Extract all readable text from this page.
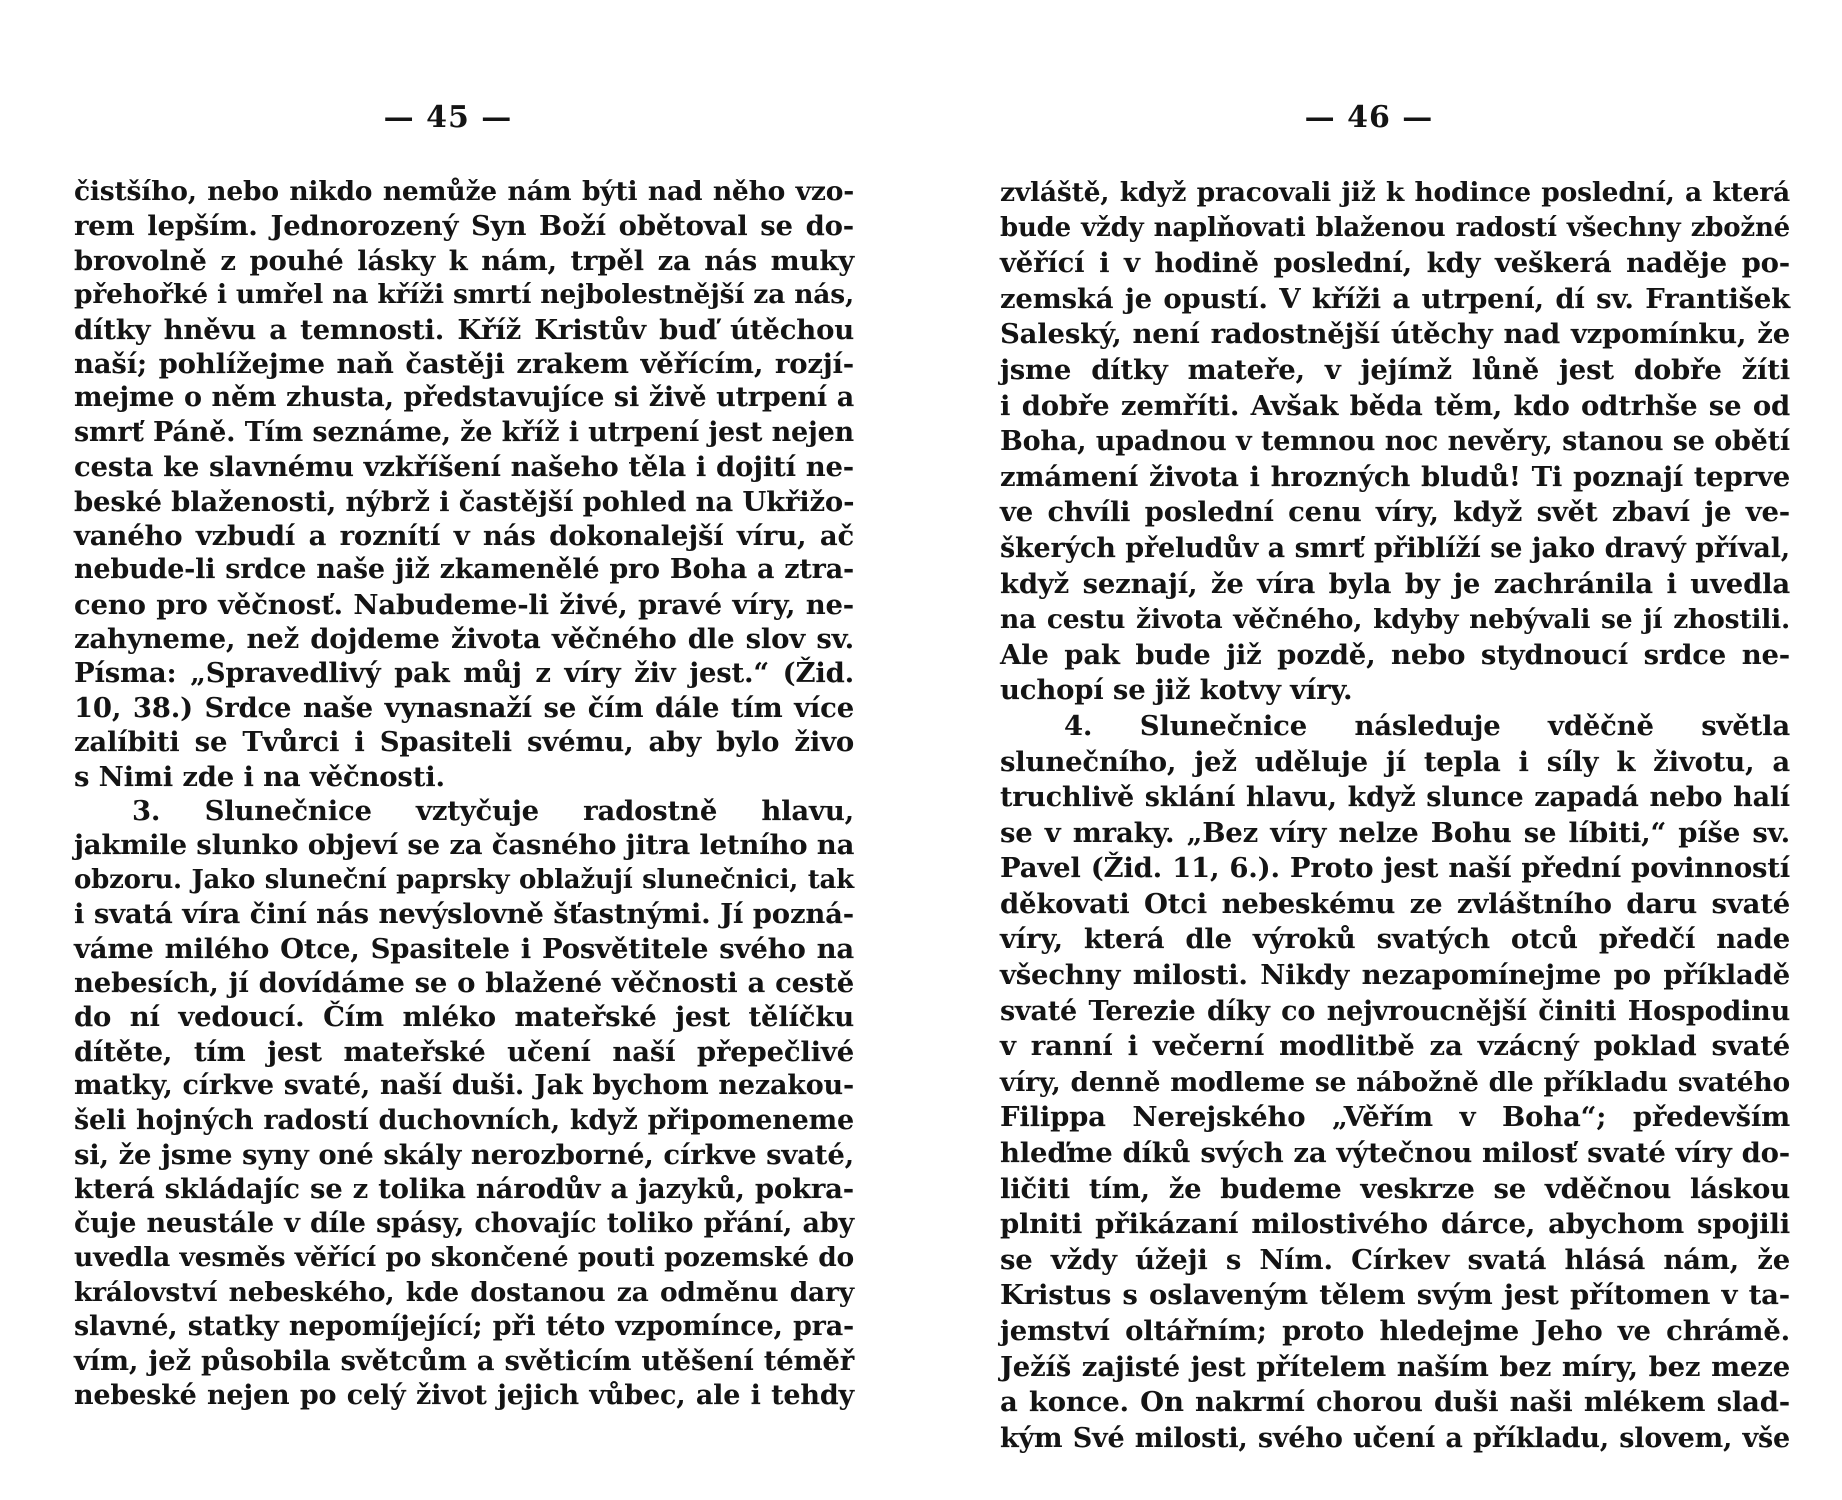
— 45 —
čistšího, nebo nikdo nemůže nám býti nad něho vzo-
rem lepším. Jednorozený Syn Boží obětoval se do-
brovolně z pouhé lásky k nám, trpěl za nás muky
přehořké i umřel na kříži smrtí nejbolestnější za nás,
dítky hněvu a temnosti. Kříž Kristův buď útěchou
naší; pohlížejme naň častěji zrakem věřícím, rozjí-
mejme o něm zhusta, představujíce si živě utrpení a
smrť Páně. Tím seznáme, že kříž i utrpení jest nejen
cesta ke slavnému vzkříšení našeho těla i dojití ne-
beské blaženosti, nýbrž i častější pohled na Ukřižo-
vaného vzbudí a roznítí v nás dokonalejší víru, ač
nebude-li srdce naše již zkamenělé pro Boha a ztra-
ceno pro věčnosť. Nabudeme-li živé, pravé víry, ne-
zahyneme, než dojdeme života věčného dle slov sv.
Písma: „Spravedlivý pak můj z víry živ jest.“ (Žid.
10, 38.) Srdce naše vynasnaží se čím dále tím více
zalíbiti se Tvůrci i Spasiteli svému, aby bylo živo
s Nimi zde i na věčnosti.
3. Slunečnice vztyčuje radostně hlavu,
jakmile slunko objeví se za časného jitra letního na
obzoru. Jako sluneční paprsky oblažují slunečnici, tak
i svatá víra činí nás nevýslovně šťastnými. Jí pozná-
váme milého Otce, Spasitele i Posvětitele svého na
nebesích, jí dovídáme se o blažené věčnosti a cestě
do ní vedoucí. Čím mléko mateřské jest tělíčku
dítěte, tím jest mateřské učení naší přepečlivé
matky, církve svaté, naší duši. Jak bychom nezakou-
šeli hojných radostí duchovních, když připomeneme
si, že jsme syny oné skály nerozborné, církve svaté,
která skládajíc se z tolika národův a jazyků, pokra-
čuje neustále v díle spásy, chovajíc toliko přání, aby
uvedla vesměs věřící po skončené pouti pozemské do
království nebeského, kde dostanou za odměnu dary
slavné, statky nepomíjející; při této vzpomínce, pra-
vím, jež působila světcům a světicím utěšení téměř
nebeské nejen po celý život jejich vůbec, ale i tehdy
— 46 —
zvláště, když pracovali již k hodince poslední, a která
bude vždy naplňovati blaženou radostí všechny zbožné
věřící i v hodině poslední, kdy veškerá naděje po-
zemská je opustí. V kříži a utrpení, dí sv. František
Saleský, není radostnější útěchy nad vzpomínku, že
jsme dítky mateře, v jejímž lůně jest dobře žíti
i dobře zemříti. Avšak běda těm, kdo odtrhše se od
Boha, upadnou v temnou noc nevěry, stanou se obětí
zmámení života i hrozných bludů! Ti poznají teprve
ve chvíli poslední cenu víry, když svět zbaví je ve-
škerých přeludův a smrť přiblíží se jako dravý příval,
když seznají, že víra byla by je zachránila i uvedla
na cestu života věčného, kdyby nebývali se jí zhostili.
Ale pak bude již pozdě, nebo stydnoucí srdce ne-
uchopí se již kotvy víry.
4. Slunečnice následuje vděčně světla
slunečního, jež uděluje jí tepla i síly k životu, a
truchlivě sklání hlavu, když slunce zapadá nebo halí
se v mraky. „Bez víry nelze Bohu se líbiti,“ píše sv.
Pavel (Žid. 11, 6.). Proto jest naší přední povinností
děkovati Otci nebeskému ze zvláštního daru svaté
víry, která dle výroků svatých otců předčí nade
všechny milosti. Nikdy nezapomínejme po příkladě
svaté Terezie díky co nejvroucnější činiti Hospodinu
v ranní i večerní modlitbě za vzácný poklad svaté
víry, denně modleme se nábožně dle příkladu svatého
Filippa Nerejského „Věřím v Boha“; především
hleďme díků svých za výtečnou milosť svaté víry do-
ličiti tím, že budeme veskrze se vděčnou láskou
plniti přikázaní milostivého dárce, abychom spojili
se vždy úžeji s Ním. Církev svatá hlásá nám, že
Kristus s oslaveným tělem svým jest přítomen v ta-
jemství oltářním; proto hledejme Jeho ve chrámě.
Ježíš zajisté jest přítelem naším bez míry, bez meze
a konce. On nakrmí chorou duši naši mlékem slad-
kým Své milosti, svého učení a příkladu, slovem, vše
